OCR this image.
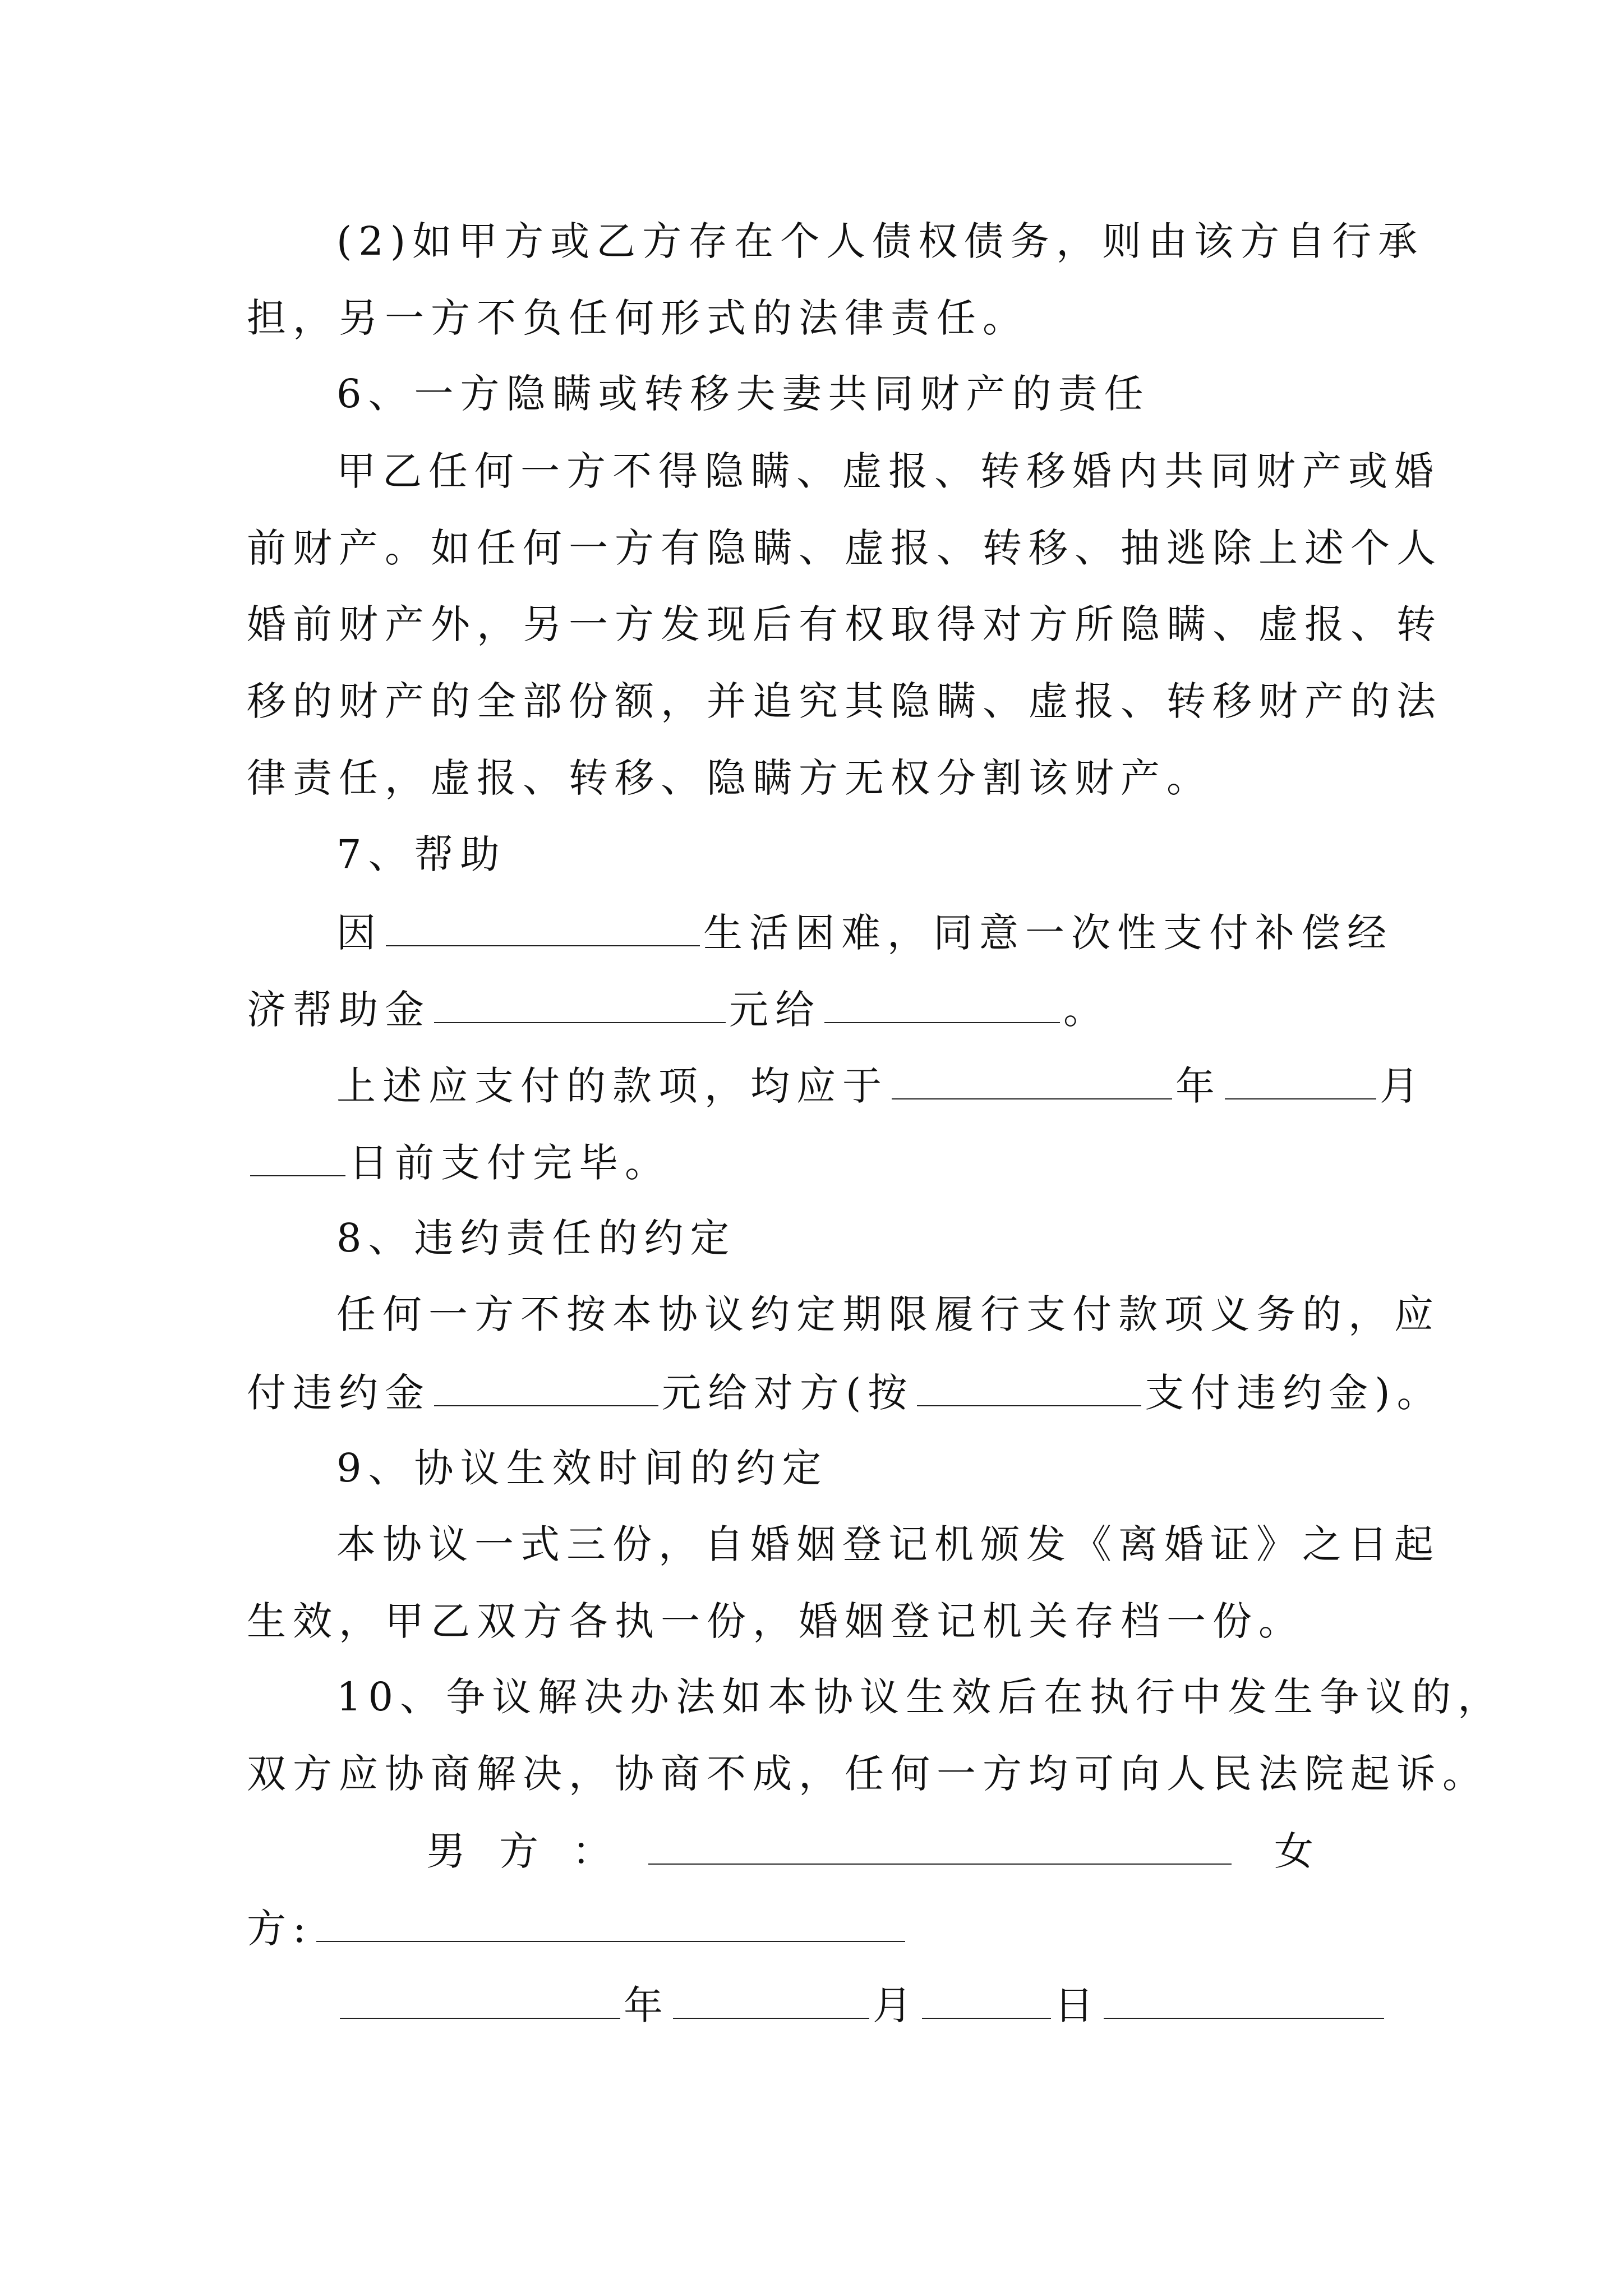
(2)如甲方或乙方存在个人债权债务，则由该方自行承
担，另一方不负任何形式的法律责任。
6、一方隐瞒或转移夫妻共同财产的责任
甲乙任何一方不得隐瞒、虚报、转移婚内共同财产或婚
前财产。如任何一方有隐瞒、虚报、转移、抽逃除上述个人
婚前财产外，另一方发现后有权取得对方所隐瞒、虚报、转
移的财产的全部份额，并追究其隐瞒、虚报、转移财产的法
律责任，虚报、转移、隐瞒方无权分割该财产。
7、帮助
因	生活困难，同意一次性支付补偿经
济帮助金	元给	。
上述应支付的款项，均应于	年	月
日前支付完毕。
8、违约责任的约定
任何一方不按本协议约定期限履行支付款项义务的，应
付违约金	元给对方(按	支付违约金)。
9、协议生效时间的约定
本协议一式三份，自婚姻登记机颁发《离婚证》之日起
生效，甲乙双方各执一份，婚姻登记机关存档一份。
10、争议解决办法如本协议生效后在执行中发生争议的，
双方应协商解决，协商不成，任何一方均可向人民法院起诉。
男方：	女
方:
年	月	日
